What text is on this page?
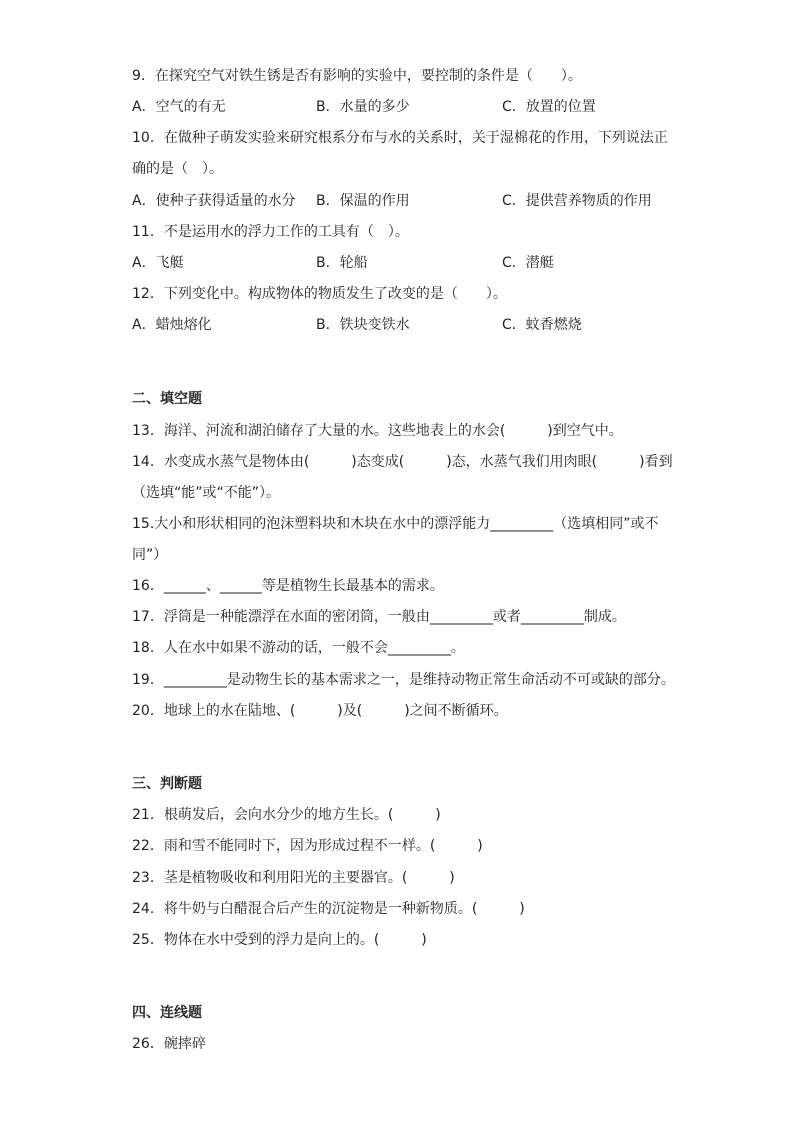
9．在探究空气对铁生锈是否有影响的实验中，要控制的条件是（　　）。
A．空气的有无	B．水量的多少	C．放置的位置
10．在做种子萌发实验来研究根系分布与水的关系时，关于湿棉花的作用，下列说法正
确的是（　）。
A．使种子获得适量的水分 B．保温的作用	C．提供营养物质的作用
11．不是运用水的浮力工作的工具有（　）。
A．飞艇	B．轮船	C．潜艇
12．下列变化中。构成物体的物质发生了改变的是（　　）。
A．蜡烛熔化	B．铁块变铁水	C．蚊香燃烧
二、填空题
13．海洋、河流和湖泊储存了大量的水。这些地表上的水会(　　　)到空气中。
14．水变成水蒸气是物体由(　　　)态变成(　　　)态，水蒸气我们用肉眼(　　　)看到
（选填“能”或“不能”）。
15.大小和形状相同的泡沫塑料块和木块在水中的漂浮能力_________（选填相同”或不
同”）
16．______、______等是植物生长最基本的需求。
17．浮筒是一种能漂浮在水面的密闭筒，一般由_________或者_________制成。
18．人在水中如果不游动的话，一般不会_________。
19．_________是动物生长的基本需求之一，是维持动物正常生命活动不可或缺的部分。
20．地球上的水在陆地、(　　　)及(　　　)之间不断循环。
三、判断题
21．根萌发后，会向水分少的地方生长。(　　　)
22．雨和雪不能同时下，因为形成过程不一样。(　　　)
23．茎是植物吸收和利用阳光的主要器官。(　　　)
24．将牛奶与白醋混合后产生的沉淀物是一种新物质。(　　　)
25．物体在水中受到的浮力是向上的。(　　　)
四、连线题
26．碗摔碎
